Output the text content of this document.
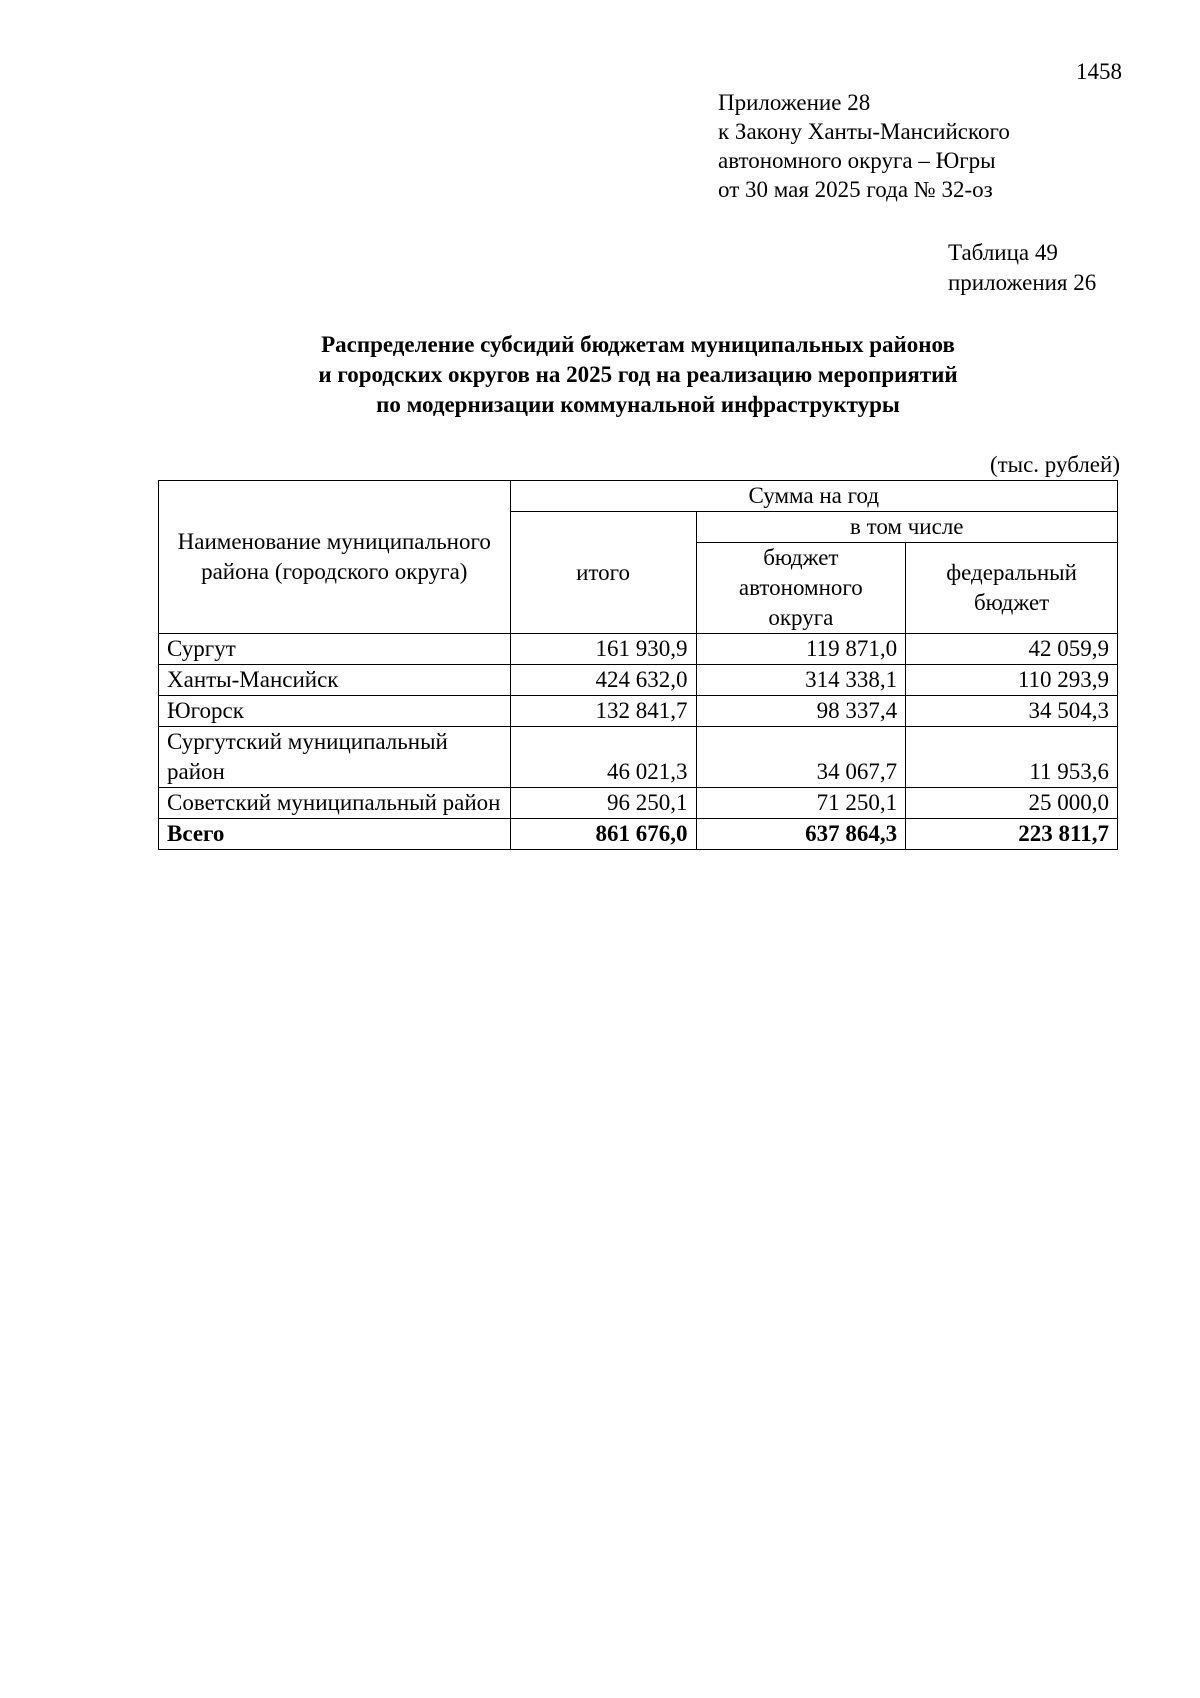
1458
Приложение 28
к Закону Ханты-Мансийского
автономного округа – Югры
от 30 мая 2025 года № 32-оз
Таблица 49
приложения 26
Распределение субсидий бюджетам муниципальных районов
и городских округов на 2025 год на реализацию мероприятий
по модернизации коммунальной инфраструктуры
(тыс. рублей)
Наименование муниципального района (городского округа)	Сумма на год		
	итого	в том числе	
		бюджет автономного округа	федеральный бюджет
Сургут	161 930,9	119 871,0	42 059,9
Ханты-Мансийск	424 632,0	314 338,1	110 293,9
Югорск	132 841,7	98 337,4	34 504,3
Сургутский муниципальный район	46 021,3	34 067,7	11 953,6
Советский муниципальный район	96 250,1	71 250,1	25 000,0
Всего	861 676,0	637 864,3	223 811,7
